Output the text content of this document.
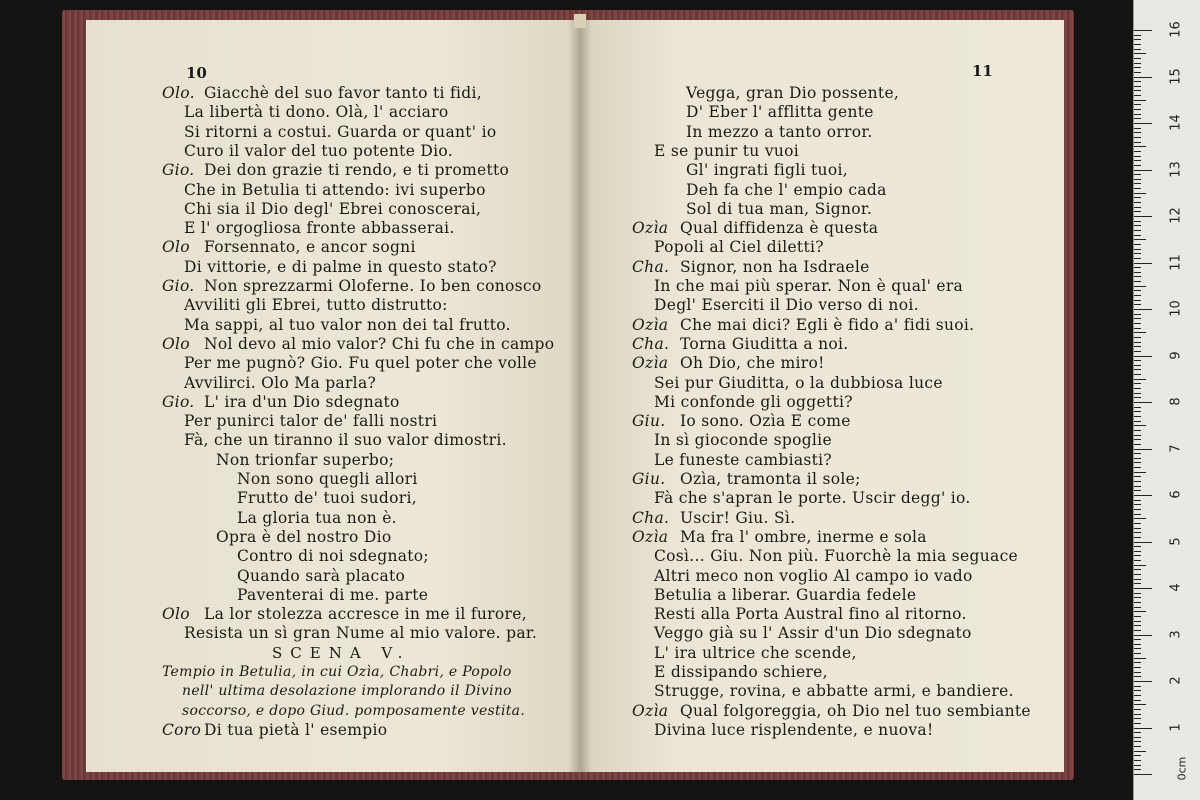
10
Olo. Giacchè del suo favor tanto ti fidi,
La libertà ti dono. Olà, l' acciaro
Si ritorni a costui. Guarda or quant' io
Curo il valor del tuo potente Dio.
Gio. Dei don grazie ti rendo, e ti prometto
Che in Betulia ti attendo: ivi superbo
Chi sia il Dio degl' Ebrei conoscerai,
E l' orgogliosa fronte abbasserai.
Olo Forsennato, e ancor sogni
Di vittorie, e di palme in questo stato?
Gio. Non sprezzarmi Oloferne. Io ben conosco
Avviliti gli Ebrei, tutto distrutto:
Ma sappi, al tuo valor non dei tal frutto.
Olo Nol devo al mio valor? Chi fu che in campo
Per me pugnò? Gio. Fu quel poter che volle
Avvilirci. Olo Ma parla?
Gio. L' ira d'un Dio sdegnato
Per punirci talor de' falli nostri
Fà, che un tiranno il suo valor dimostri.
Non trionfar superbo;
Non sono quegli allori
Frutto de' tuoi sudori,
La gloria tua non è.
Opra è del nostro Dio
Contro di noi sdegnato;
Quando sarà placato
Paventerai di me. parte
Olo La lor stolezza accresce in me il furore,
Resista un sì gran Nume al mio valore. par.
SCENA V.
Tempio in Betulia, in cui Ozìa, Chabri, e Popolo
nell' ultima desolazione implorando il Divino
soccorso, e dopo Giud. pomposamente vestita.
Coro Di tua pietà l' esempio
11
Vegga, gran Dio possente,
D' Eber l' afflitta gente
In mezzo a tanto orror.
E se punir tu vuoi
Gl' ingrati figli tuoi,
Deh fa che l' empio cada
Sol di tua man, Signor.
Ozìa Qual diffidenza è questa
Popoli al Ciel diletti?
Cha. Signor, non ha Isdraele
In che mai più sperar. Non è qual' era
Degl' Eserciti il Dio verso di noi.
Ozìa Che mai dici? Egli è fido a' fidi suoi.
Cha. Torna Giuditta a noi.
Ozìa Oh Dio, che miro!
Sei pur Giuditta, o la dubbiosa luce
Mi confonde gli oggetti?
Giu. Io sono. Ozìa E come
In sì gioconde spoglie
Le funeste cambiasti?
Giu. Ozìa, tramonta il sole;
Fà che s'apran le porte. Uscir degg' io.
Cha. Uscir! Giu. Sì.
Ozìa Ma fra l' ombre, inerme e sola
Così... Giu. Non più. Fuorchè la mia seguace
Altri meco non voglio Al campo io vado
Betulia a liberar. Guardia fedele
Resti alla Porta Austral fino al ritorno.
Veggo già su l' Assir d'un Dio sdegnato
L' ira ultrice che scende,
E dissipando schiere,
Strugge, rovina, e abbatte armi, e bandiere.
Ozìa Qual folgoreggia, oh Dio nel tuo sembiante
Divina luce risplendente, e nuova!
16
15
14
13
12
11
10
9
8
7
6
5
4
3
2
1
0cm
